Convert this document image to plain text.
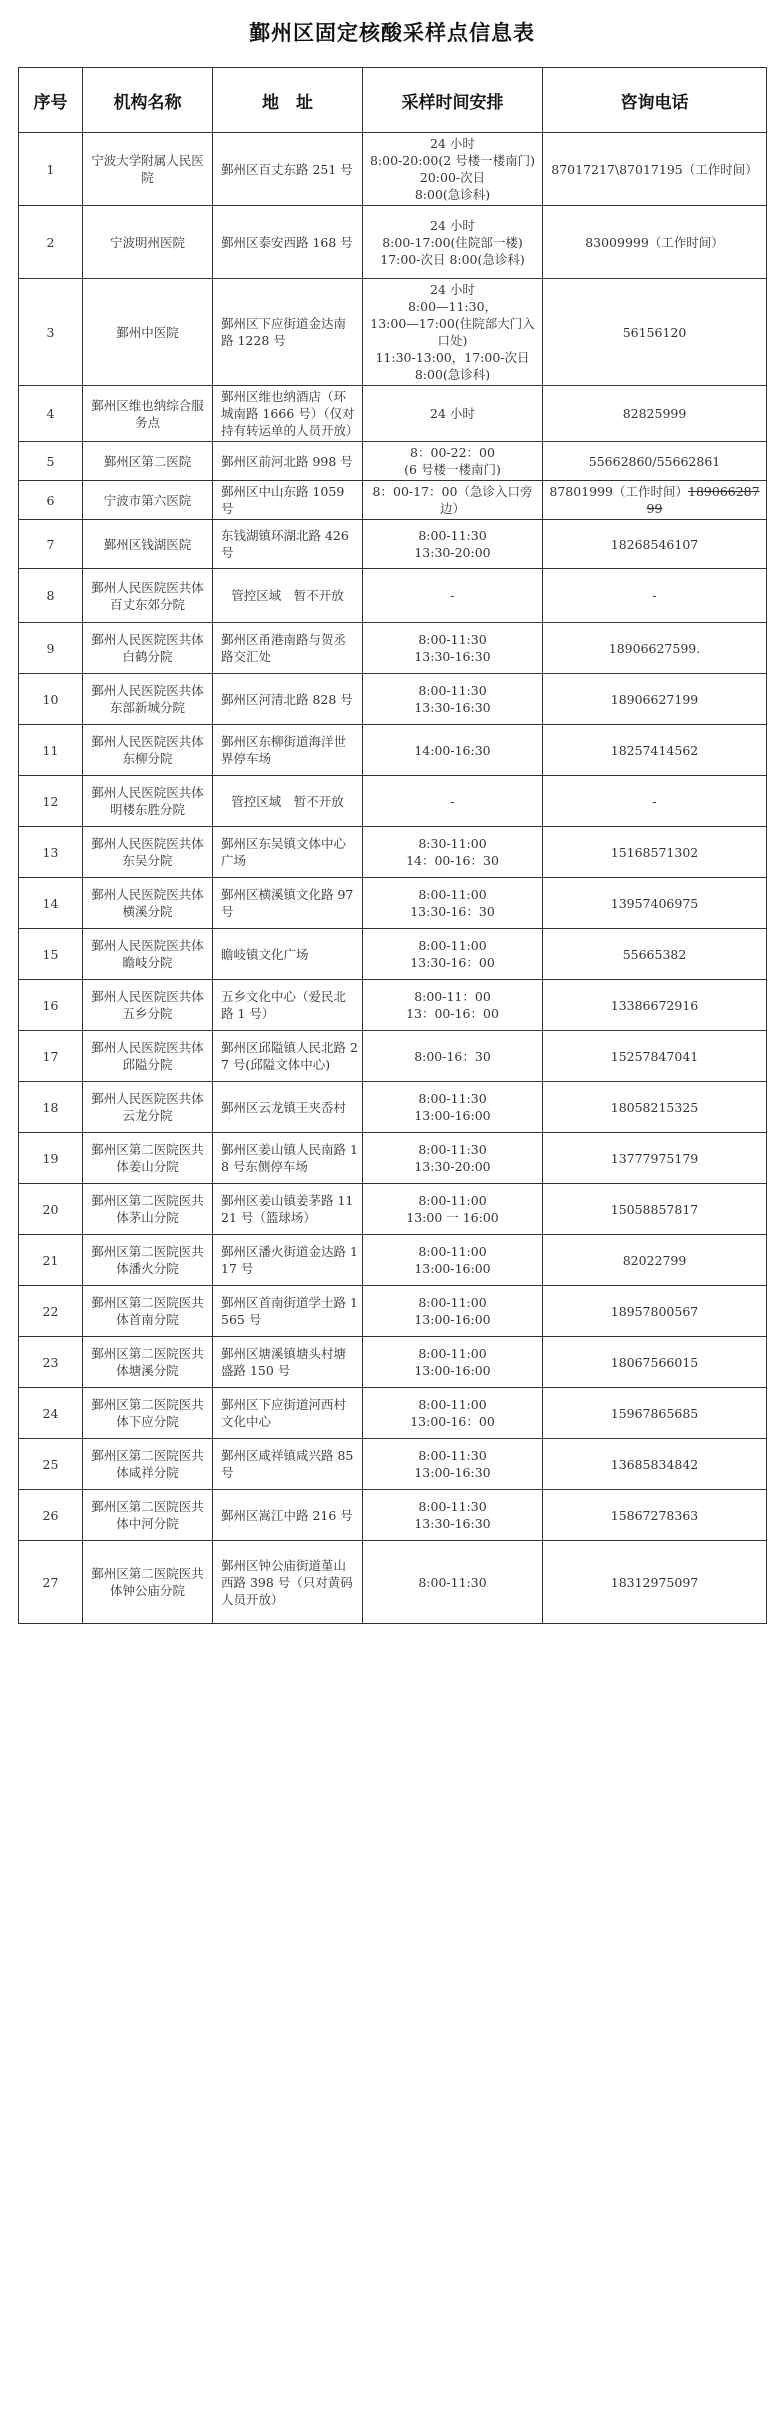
鄞州区固定核酸采样点信息表
序号	机构名称	地　址	采样时间安排	咨询电话
1	宁波大学附属人民医院	鄞州区百丈东路 251 号	24 小时
8:00-20:00(2 号楼一楼南门) 20:00-次日
8:00(急诊科)	87017217\87017195（工作时间）

2	宁波明州医院	鄞州区泰安西路 168 号	24 小时
8:00-17:00(住院部一楼)
17:00-次日 8:00(急诊科)	83009999（工作时间）

3	鄞州中医院	鄞州区下应街道金达南路 1228 号	24 小时
8:00—11:30，
13:00—17:00(住院部大门入口处)
11:30-13:00，17:00-次日
8:00(急诊科)	56156120

4	鄞州区维也纳综合服务点	鄞州区维也纳酒店（环城南路 1666 号）（仅对持有转运单的人员开放）	24 小时	82825999

5	鄞州区第二医院	鄞州区前河北路 998 号	8：00-22：00
(6 号楼一楼南门)	55662860/55662861

6	宁波市第六医院	鄞州区中山东路 1059 号	8：00-17：00（急诊入口旁边）	87801999（工作时间）18906628799

7	鄞州区钱湖医院	东钱湖镇环湖北路 426 号	8:00-11:30
13:30-20:00	18268546107

8	鄞州人民医院医共体百丈东郊分院	管控区域　暂不开放	-	-

9	鄞州人民医院医共体白鹤分院	鄞州区甬港南路与贺丞路交汇处	8:00-11:30
13:30-16:30	18906627599.

10	鄞州人民医院医共体东部新城分院	鄞州区河清北路 828 号	8:00-11:30
13:30-16:30	18906627199

11	鄞州人民医院医共体东柳分院	鄞州区东柳街道海洋世界停车场	14:00-16:30	18257414562

12	鄞州人民医院医共体明楼东胜分院	管控区域　暂不开放	-	-

13	鄞州人民医院医共体东吴分院	鄞州区东吴镇文体中心广场	8:30-11:00
14：00-16：30	15168571302

14	鄞州人民医院医共体横溪分院	鄞州区横溪镇文化路 97 号	8:00-11:00
13:30-16：30	13957406975

15	鄞州人民医院医共体瞻岐分院	瞻岐镇文化广场	8:00-11:00
13:30-16：00	55665382

16	鄞州人民医院医共体五乡分院	五乡文化中心（爱民北路 1 号）	8:00-11：00
13：00-16：00	13386672916

17	鄞州人民医院医共体邱隘分院	鄞州区邱隘镇人民北路 27 号(邱隘文体中心)	8:00-16：30	15257847041

18	鄞州人民医院医共体云龙分院	鄞州区云龙镇王夹岙村	8:00-11:30
13:00-16:00	18058215325

19	鄞州区第二医院医共体姜山分院	鄞州区姜山镇人民南路 18 号东侧停车场	8:00-11:30
13:30-20:00	13777975179

20	鄞州区第二医院医共体茅山分院	鄞州区姜山镇姜茅路 1121 号（篮球场）	8:00-11:00
13:00 一 16:00	15058857817

21	鄞州区第二医院医共体潘火分院	鄞州区潘火街道金达路 117 号	8:00-11:00
13:00-16:00	82022799

22	鄞州区第二医院医共体首南分院	鄞州区首南街道学士路 1565 号	8:00-11:00
13:00-16:00	18957800567

23	鄞州区第二医院医共体塘溪分院	鄞州区塘溪镇塘头村塘盛路 150 号	8:00-11:00
13:00-16:00	18067566015

24	鄞州区第二医院医共体下应分院	鄞州区下应街道河西村文化中心	8:00-11:00
13:00-16：00	15967865685

25	鄞州区第二医院医共体咸祥分院	鄞州区咸祥镇咸兴路 85 号	8:00-11:30
13:00-16:30	13685834842

26	鄞州区第二医院医共体中河分院	鄞州区嵩江中路 216 号	8:00-11:30
13:30-16:30	15867278363

27	鄞州区第二医院医共体钟公庙分院	鄞州区钟公庙街道堇山西路 398 号（只对黄码人员开放）	8:00-11:30	18312975097
